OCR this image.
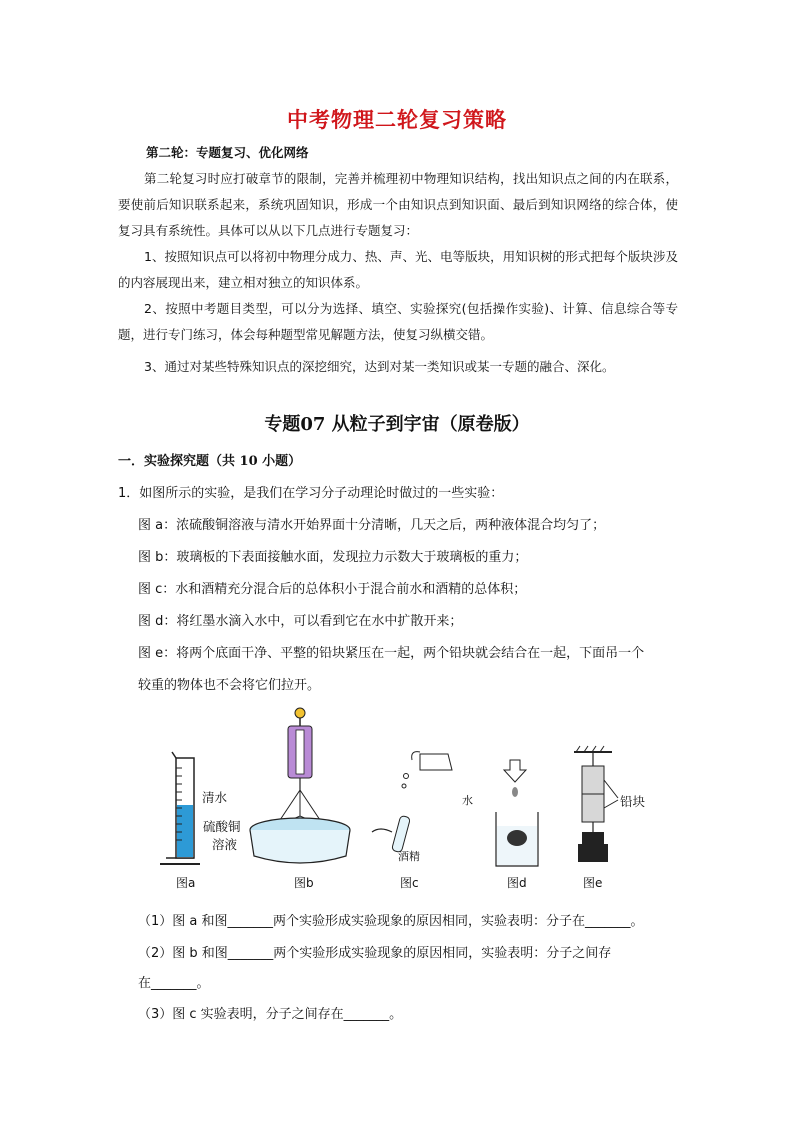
中考物理二轮复习策略
第二轮：专题复习、优化网络
第二轮复习时应打破章节的限制，完善并梳理初中物理知识结构，找出知识点之间的内在联系，要使前后知识联系起来，系统巩固知识，形成一个由知识点到知识面、最后到知识网络的综合体，使复习具有系统性。具体可以从以下几点进行专题复习：
1、按照知识点可以将初中物理分成力、热、声、光、电等版块，用知识树的形式把每个版块涉及的内容展现出来，建立相对独立的知识体系。
2、按照中考题目类型，可以分为选择、填空、实验探究(包括操作实验)、计算、信息综合等专题，进行专门练习，体会每种题型常见解题方法，使复习纵横交错。
3、通过对某些特殊知识点的深挖细究，达到对某一类知识或某一专题的融合、深化。
专题07 从粒子到宇宙（原卷版）
一．实验探究题（共 10 小题）
1．如图所示的实验，是我们在学习分子动理论时做过的一些实验：
图 a：浓硫酸铜溶液与清水开始界面十分清晰，几天之后，两种液体混合均匀了；
图 b：玻璃板的下表面接触水面，发现拉力示数大于玻璃板的重力；
图 c：水和酒精充分混合后的总体积小于混合前水和酒精的总体积；
图 d：将红墨水滴入水中，可以看到它在水中扩散开来；
图 e：将两个底面干净、平整的铅块紧压在一起，两个铅块就会结合在一起，下面吊一个
较重的物体也不会将它们拉开。
清水
硫酸铜
溶液
水
酒精
铅块
图a	图b	图c	图d	图e
（1）图 a 和图_______两个实验形成实验现象的原因相同，实验表明：分子在_______。
（2）图 b 和图_______两个实验形成实验现象的原因相同，实验表明：分子之间存
在_______。
（3）图 c 实验表明，分子之间存在_______。
